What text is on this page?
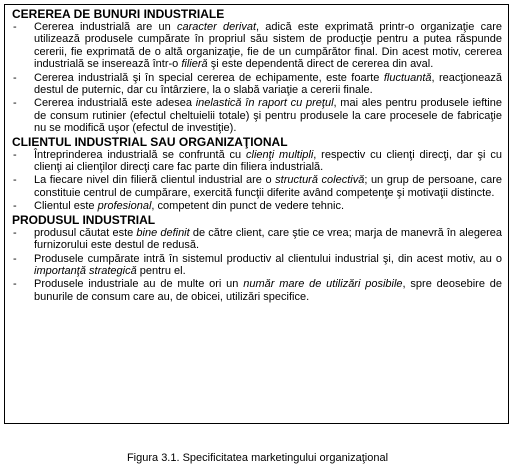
CEREREA DE BUNURI INDUSTRIALE

- Cererea industrială are un caracter derivat, adică este exprimată printr-o organizaţie care utilizează produsele cumpărate în propriul său sistem de producţie pentru a putea răspunde cererii, fie exprimată de o altă organizaţie, fie de un cumpărător final. Din acest motiv, cererea industrială se inserează într-o filieră şi este dependentă direct de cererea din aval.
- Cererea industrială şi în special cererea de echipamente, este foarte fluctuantă, reacţionează destul de puternic, dar cu întârziere, la o slabă variaţie a cererii finale.
- Cererea industrială este adesea inelastică în raport cu preţul, mai ales pentru produsele ieftine de consum rutinier (efectul cheltuielii totale) şi pentru produsele la care procesele de fabricaţie nu se modifică uşor (efectul de investiţie).

CLIENTUL INDUSTRIAL SAU ORGANIZAŢIONAL

- Întreprinderea industrială se confruntă cu clienţi multipli, respectiv cu clienţi direcţi, dar şi cu clienţi ai clienţilor direcţi care fac parte din filiera industrială.
- La fiecare nivel din filieră clientul industrial are o structură colectivă; un grup de persoane, care constituie centrul de cumpărare, exercită funcţii diferite având competenţe şi motivaţii distincte.
- Clientul este profesional, competent din punct de vedere tehnic.

PRODUSUL INDUSTRIAL

- produsul căutat este bine definit de către client, care ştie ce vrea; marja de manevră în alegerea furnizorului este destul de redusă.
- Produsele cumpărate intră în sistemul productiv al clientului industrial şi, din acest motiv, au o importanţă strategică pentru el.
- Produsele industriale au de multe ori un număr mare de utilizări posibile, spre deosebire de bunurile de consum care au, de obicei, utilizări specifice.
Figura 3.1. Specificitatea marketingului organizaţional
